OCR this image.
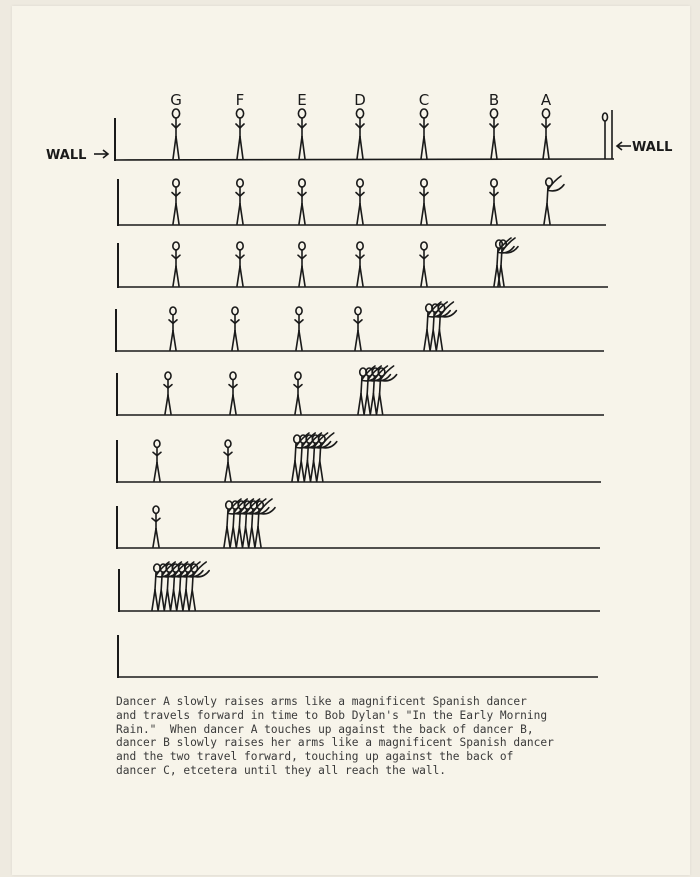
G	F	E	D	C	B	A
WALL
WALL
Dancer A slowly raises arms like a magnificent Spanish dancer
and travels forward in time to Bob Dylan's "In the Early Morning
Rain."  When dancer A touches up against the back of dancer B,
dancer B slowly raises her arms like a magnificent Spanish dancer
and the two travel forward, touching up against the back of
dancer C, etcetera until they all reach the wall.
